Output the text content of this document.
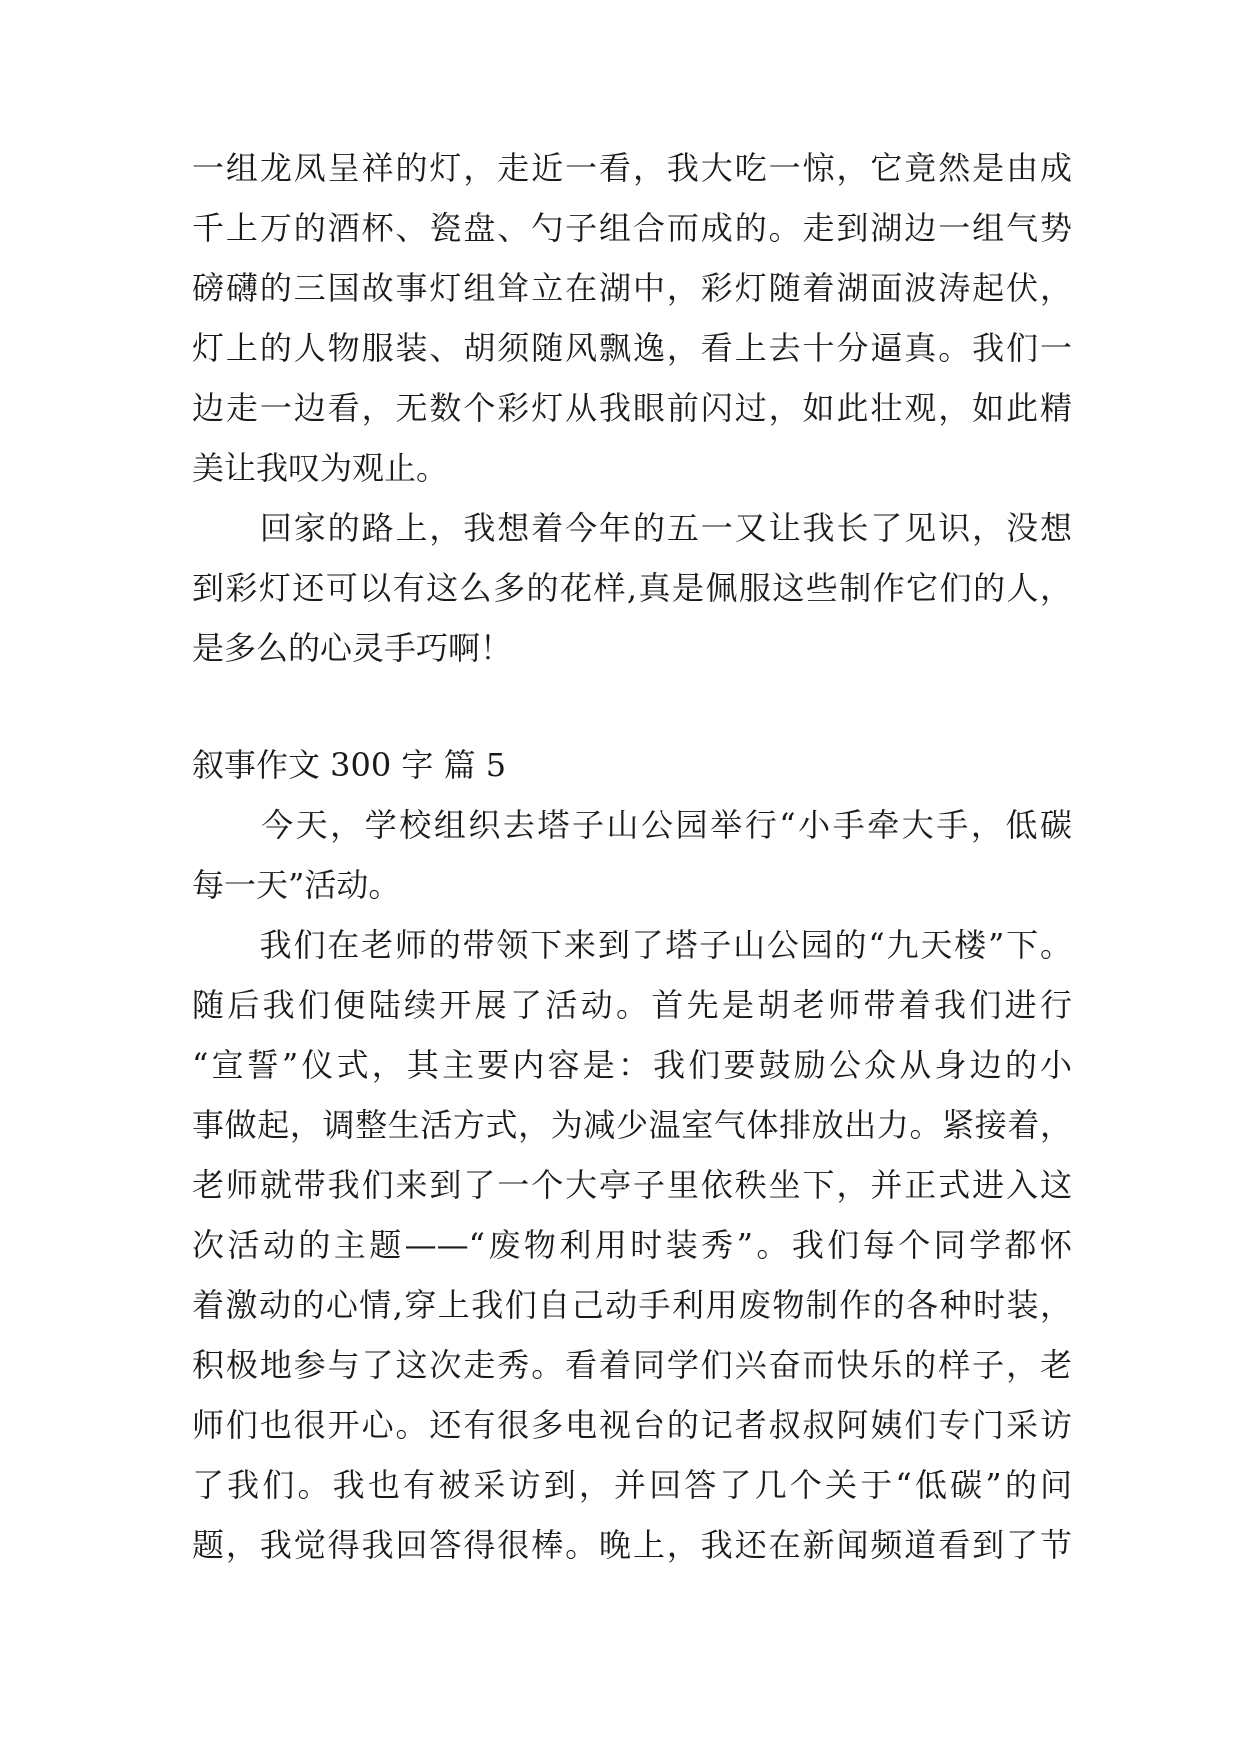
一组龙凤呈祥的灯，走近一看，我大吃一惊，它竟然是由成
千上万的酒杯、瓷盘、勺子组合而成的。走到湖边一组气势
磅礴的三国故事灯组耸立在湖中，彩灯随着湖面波涛起伏，
灯上的人物服装、胡须随风飘逸，看上去十分逼真。我们一
边走一边看，无数个彩灯从我眼前闪过，如此壮观，如此精
美让我叹为观止。
　　回家的路上，我想着今年的五一又让我长了见识，没想
到彩灯还可以有这么多的花样,真是佩服这些制作它们的人，
是多么的心灵手巧啊！
叙事作文 300 字 篇 5
　　今天，学校组织去塔子山公园举行“小手牵大手，低碳
每一天”活动。
　　我们在老师的带领下来到了塔子山公园的“九天楼”下。
随后我们便陆续开展了活动。首先是胡老师带着我们进行
“宣誓”仪式，其主要内容是：我们要鼓励公众从身边的小
事做起，调整生活方式，为减少温室气体排放出力。紧接着，
老师就带我们来到了一个大亭子里依秩坐下，并正式进入这
次活动的主题——“废物利用时装秀”。我们每个同学都怀
着激动的心情,穿上我们自己动手利用废物制作的各种时装，
积极地参与了这次走秀。看着同学们兴奋而快乐的样子，老
师们也很开心。还有很多电视台的记者叔叔阿姨们专门采访
了我们。我也有被采访到，并回答了几个关于“低碳”的问
题，我觉得我回答得很棒。晚上，我还在新闻频道看到了节
